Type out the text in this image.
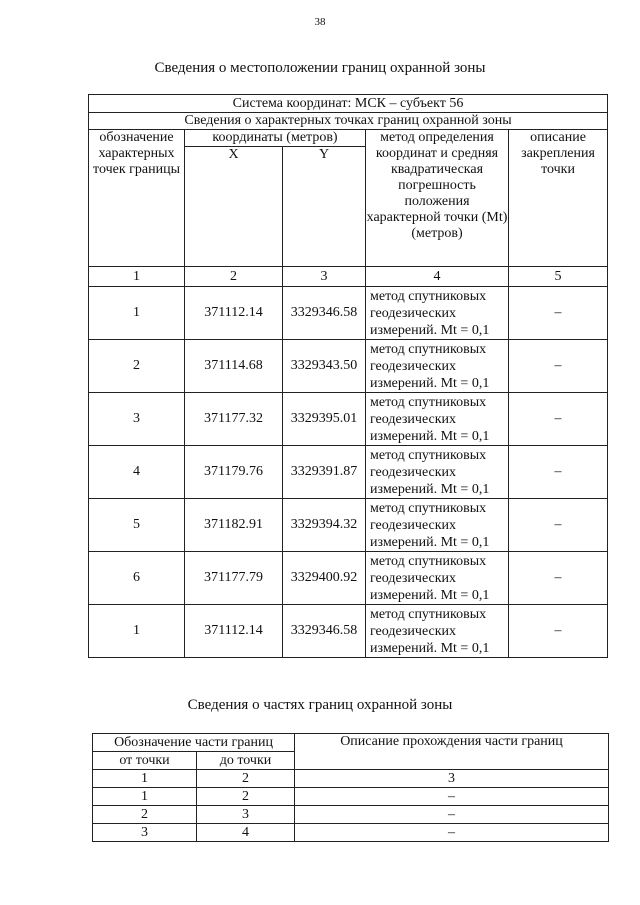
38
Сведения о местоположении границ охранной зоны
Система координат: МСК – субъект 56				
Сведения о характерных точках границ охранной зоны				
обозначение характерных точек границы	координаты (метров)		метод определения координат и средняя квадратическая погрешность положения характерной точки (Mt) (метров)	описание закрепления точки
	X	Y		
1	2	3	4	5
1	371112.14	3329346.58	метод спутниковых геодезических измерений. Mt = 0,1	–
2	371114.68	3329343.50	метод спутниковых геодезических измерений. Mt = 0,1	–
3	371177.32	3329395.01	метод спутниковых геодезических измерений. Mt = 0,1	–
4	371179.76	3329391.87	метод спутниковых геодезических измерений. Mt = 0,1	–
5	371182.91	3329394.32	метод спутниковых геодезических измерений. Mt = 0,1	–
6	371177.79	3329400.92	метод спутниковых геодезических измерений. Mt = 0,1	–
1	371112.14	3329346.58	метод спутниковых геодезических измерений. Mt = 0,1	–
Сведения о частях границ охранной зоны
Обозначение части границ		Описание прохождения части границ
от точки	до точки	
1	2	3
1	2	–
2	3	–
3	4	–
